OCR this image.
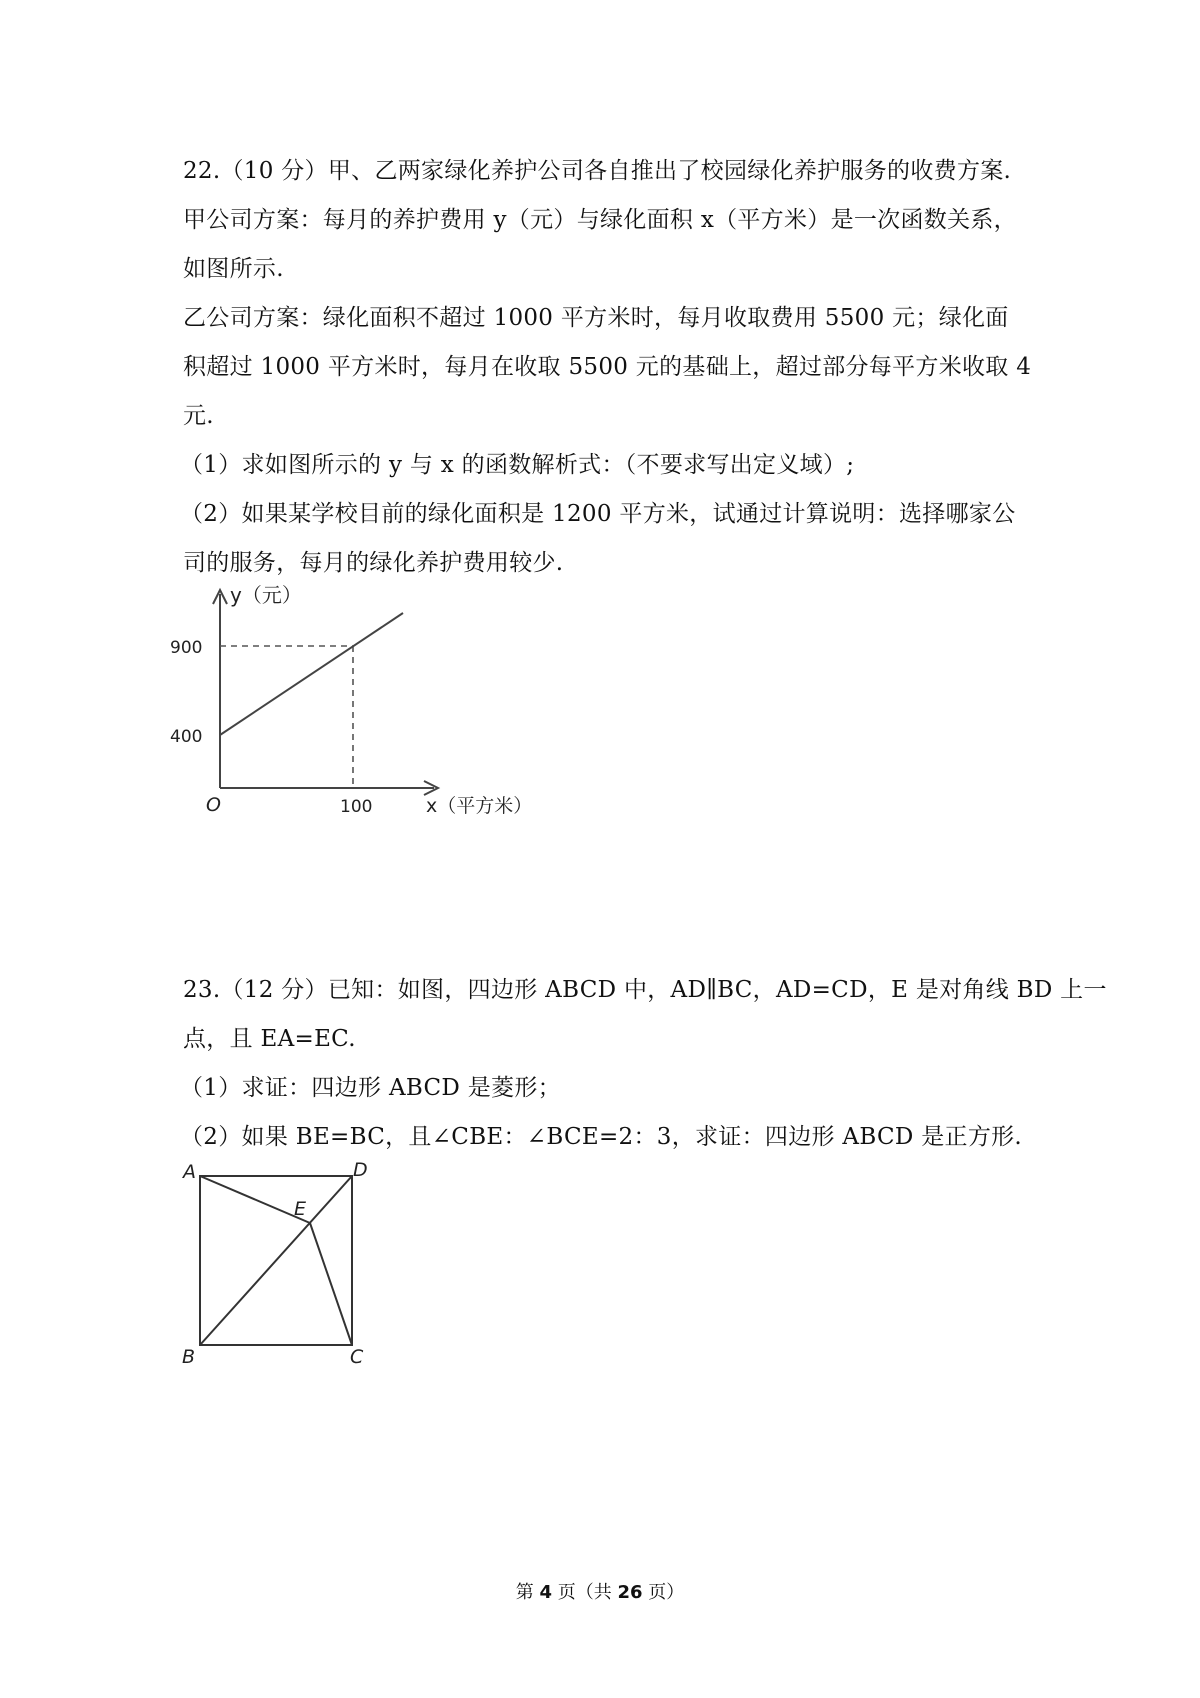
22.（10 分）甲、乙两家绿化养护公司各自推出了校园绿化养护服务的收费方案.
甲公司方案：每月的养护费用 y（元）与绿化面积 x（平方米）是一次函数关系，
如图所示.
乙公司方案：绿化面积不超过 1000 平方米时，每月收取费用 5500 元；绿化面
积超过 1000 平方米时，每月在收取 5500 元的基础上，超过部分每平方米收取 4
元.
（1）求如图所示的 y 与 x 的函数解析式：（不要求写出定义域）;
（2）如果某学校目前的绿化面积是 1200 平方米，试通过计算说明：选择哪家公
司的服务，每月的绿化养护费用较少.
y（元）
900
400
O	100	x（平方米）
23.（12 分）已知：如图，四边形 ABCD 中，AD∥BC，AD=CD，E 是对角线 BD 上一
点，且 EA=EC.
（1）求证：四边形 ABCD 是菱形；
（2）如果 BE=BC，且∠CBE：∠BCE=2：3，求证：四边形 ABCD 是正方形.
A	D
E
B	C
第 4 页（共 26 页）
